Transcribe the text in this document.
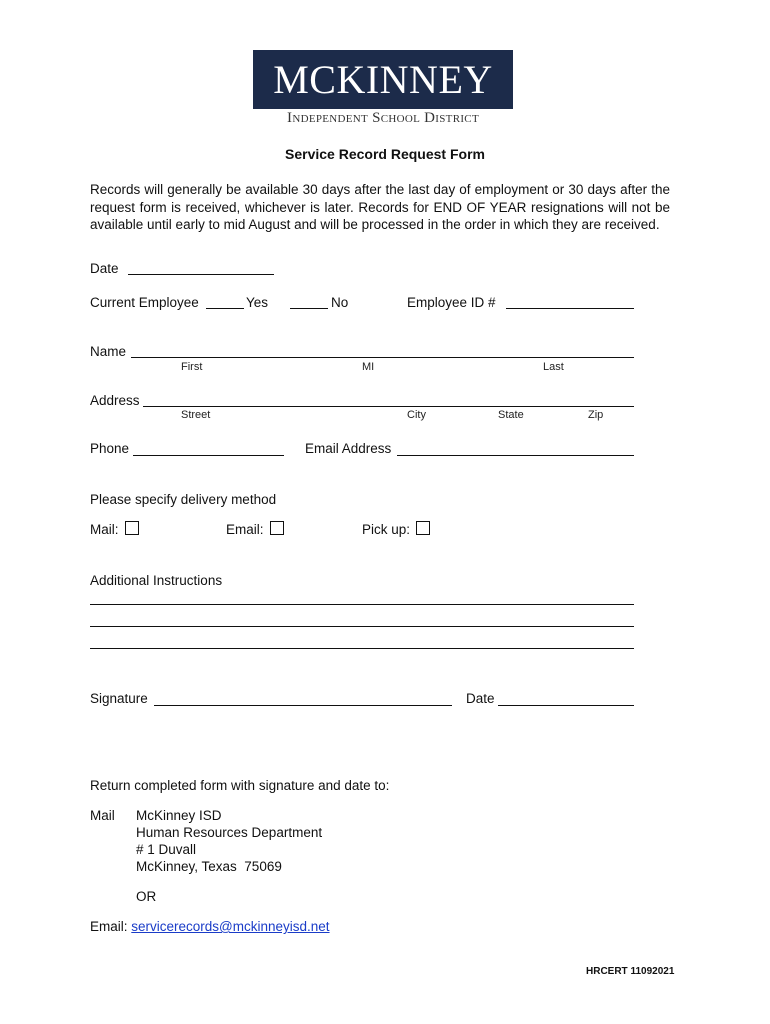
MCKINNEY
Independent School District
Service Record Request Form
Records will generally be available 30 days after the last day of employment or 30 days after the request form is received, whichever is later. Records for END OF YEAR resignations will not be available until early to mid August and will be processed in the order in which they are received.
Date
Current Employee	Yes	No	Employee ID #
Name
First	MI	Last
Address
Street	City	State	Zip
Phone	Email Address
Please specify delivery method
Mail:	Email:	Pick up:
Additional Instructions
Signature	Date
Return completed form with signature and date to:
Mail McKinney ISD
Human Resources Department
# 1 Duvall
McKinney, Texas  75069
OR
Email: servicerecords@mckinneyisd.net
HRCERT 11092021
